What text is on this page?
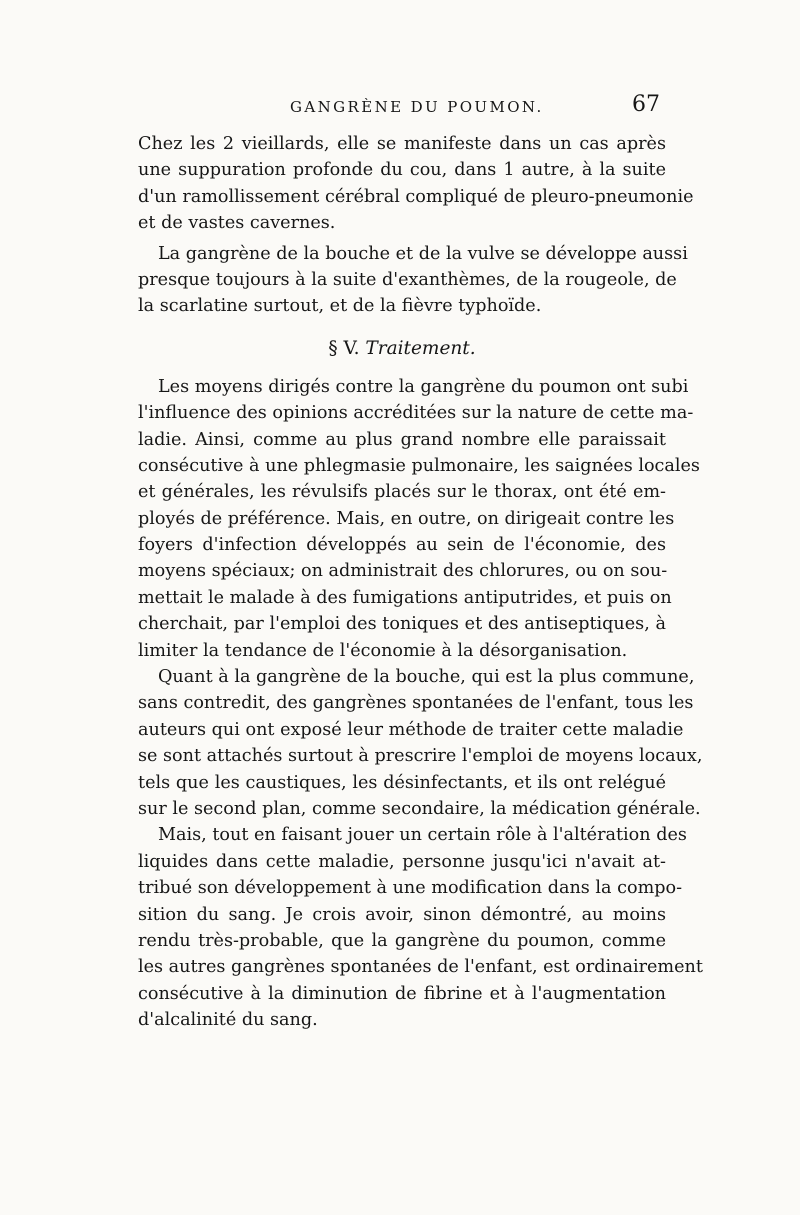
GANGRÈNE DU POUMON.	67
Chez les 2 vieillards, elle se manifeste dans un cas après
une suppuration profonde du cou, dans 1 autre, à la suite
d'un ramollissement cérébral compliqué de pleuro-pneumonie
et de vastes cavernes.
La gangrène de la bouche et de la vulve se développe aussi
presque toujours à la suite d'exanthèmes, de la rougeole, de
la scarlatine surtout, et de la fièvre typhoïde.
§ V. Traitement.
Les moyens dirigés contre la gangrène du poumon ont subi
l'influence des opinions accréditées sur la nature de cette ma-
ladie. Ainsi, comme au plus grand nombre elle paraissait
consécutive à une phlegmasie pulmonaire, les saignées locales
et générales, les révulsifs placés sur le thorax, ont été em-
ployés de préférence. Mais, en outre, on dirigeait contre les
foyers d'infection développés au sein de l'économie, des
moyens spéciaux; on administrait des chlorures, ou on sou-
mettait le malade à des fumigations antiputrides, et puis on
cherchait, par l'emploi des toniques et des antiseptiques, à
limiter la tendance de l'économie à la désorganisation.
Quant à la gangrène de la bouche, qui est la plus commune,
sans contredit, des gangrènes spontanées de l'enfant, tous les
auteurs qui ont exposé leur méthode de traiter cette maladie
se sont attachés surtout à prescrire l'emploi de moyens locaux,
tels que les caustiques, les désinfectants, et ils ont relégué
sur le second plan, comme secondaire, la médication générale.
Mais, tout en faisant jouer un certain rôle à l'altération des
liquides dans cette maladie, personne jusqu'ici n'avait at-
tribué son développement à une modification dans la compo-
sition du sang. Je crois avoir, sinon démontré, au moins
rendu très-probable, que la gangrène du poumon, comme
les autres gangrènes spontanées de l'enfant, est ordinairement
consécutive à la diminution de fibrine et à l'augmentation
d'alcalinité du sang.
